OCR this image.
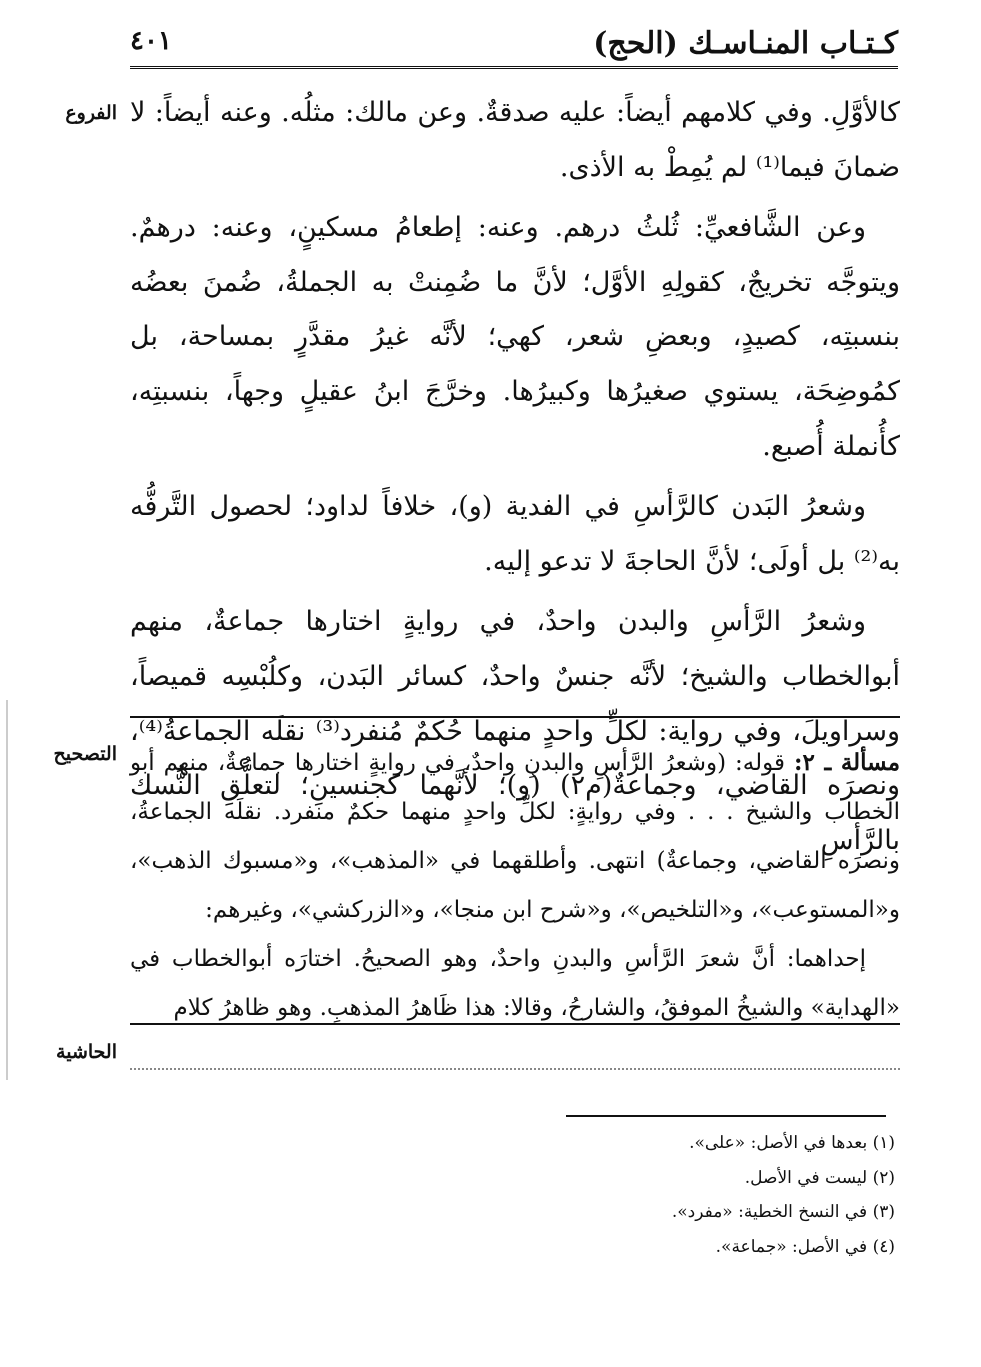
كـتـاب المنـاسـك (الحج)
٤٠١
الفروع
التصحيح
الحاشية

كالأوَّلِ. وفي كلامهم أيضاً: عليه صدقةٌ. وعن مالك: مثلُه. وعنه أيضاً: لا ضمانَ فيما⁽¹⁾ لم يُمِطْ به الأذى.

وعن الشَّافعيِّ: ثُلثُ درهم. وعنه: إطعامُ مسكينٍ، وعنه: درهمٌ. ويتوجَّه تخريجٌ، كقولِهِ الأوَّل؛ لأنَّ ما ضُمِنتْ به الجملةُ، ضُمنَ بعضُه بنسبتِه، كصيدٍ، وبعضِ شعر، كهي؛ لأنَّه غيرُ مقدَّرٍ بمساحة، بل كمُوضِحَة، يستوي صغيرُها وكبيرُها. وخرَّجَ ابنُ عقيلٍ وجهاً، بنسبتِه، كأُنملة أُصبع.

وشعرُ البَدن كالرَّأسِ في الفدية (و)، خلافاً لداود؛ لحصول التَّرفُّه به⁽²⁾ بل أولَى؛ لأنَّ الحاجةَ لا تدعو إليه.

وشعرُ الرَّأسِ والبدن واحدٌ، في روايةٍ اختارها جماعةٌ، منهم أبوالخطاب والشيخ؛ لأنَّه جنسٌ واحدٌ، كسائر البَدن، وكلُبْسِه قميصاً، وسراويلَ، وفي رواية: لكلٍّ واحدٍ منهما حُكمٌ مُنفرد⁽³⁾ نقلَه الجماعةُ⁽⁴⁾، ونصرَه القاضي، وجماعةٌ(م٢) (و)؛ لأنَّهما كجنسينِ؛ لتعلُّقِ النُّسك بالرَّأسِ

مسألة ـ ٢: قوله: (وشعرُ الرَّأسِ والبدنِ واحدٌ، في روايةٍ اختارها جماعةٌ، منهم أبو الخطاب والشيخ . . . وفي روايةٍ: لكلِّ واحدٍ منهما حكمٌ منفرد. نقلَه الجماعةُ، ونصرَه القاضي، وجماعةٌ) انتهى. وأطلقهما في «المذهب»، و«مسبوك الذهب»، و«المستوعب»، و«التلخيص»، و«شرح ابن منجا»، و«الزركشي»، وغيرهم:

إحداهما: أنَّ شعرَ الرَّأسِ والبدنِ واحدٌ، وهو الصحيحُ. اختارَه أبوالخطاب في «الهداية» والشيخُ الموفقُ، والشارحُ، وقالا: هذا ظَاهرُ المذهبِ. وهو ظاهرُ كلام

(١) بعدها في الأصل: «على».
(٢) ليست في الأصل.
(٣) في النسخ الخطية: «مفرد».
(٤) في الأصل: «جماعة».
